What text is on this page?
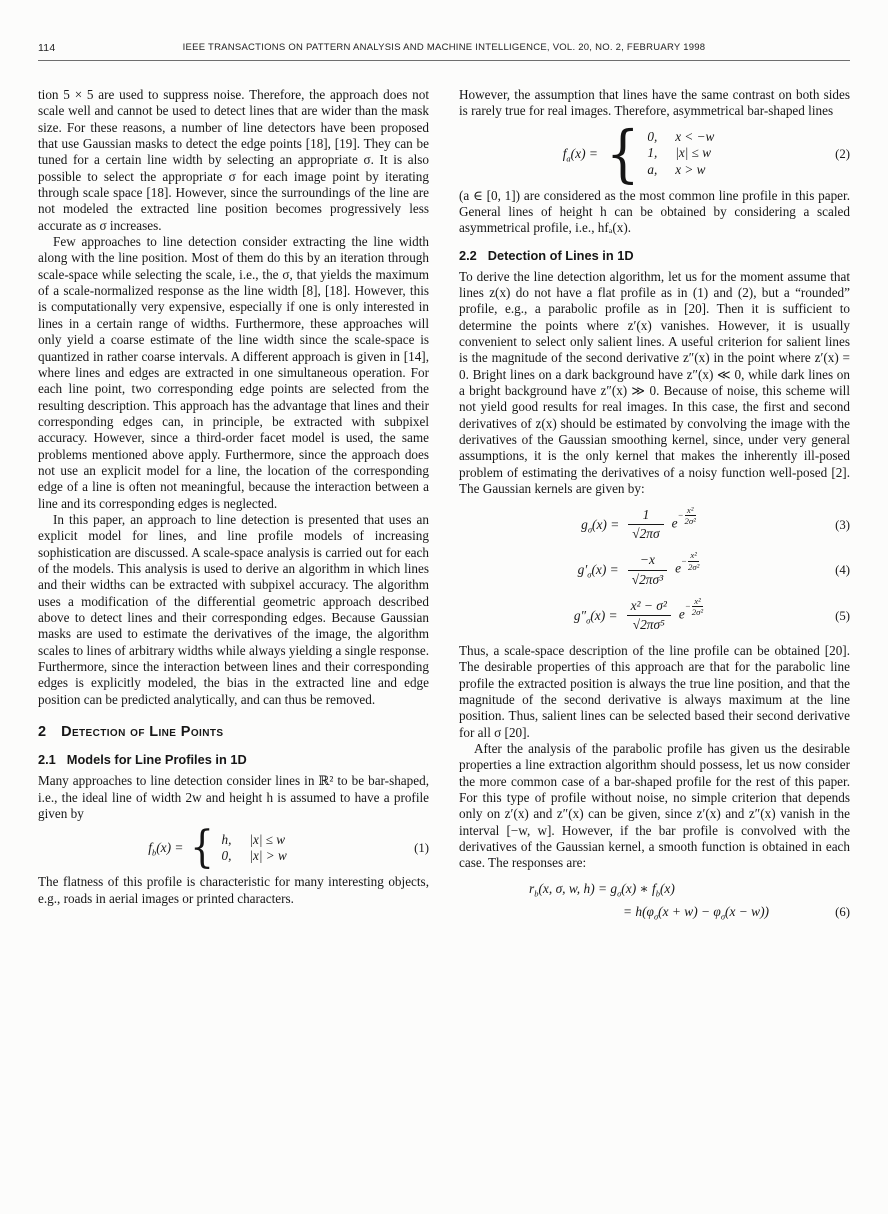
114	IEEE TRANSACTIONS ON PATTERN ANALYSIS AND MACHINE INTELLIGENCE, VOL. 20, NO. 2, FEBRUARY 1998

tion 5 × 5 are used to suppress noise. Therefore, the approach does not scale well and cannot be used to detect lines that are wider than the mask size. For these reasons, a number of line detectors have been proposed that use Gaussian masks to detect the edge points [18], [19]. They can be tuned for a certain line width by selecting an appropriate σ. It is also possible to select the appropriate σ for each image point by iterating through scale space [18]. However, since the surroundings of the line are not modeled the extracted line position becomes progressively less accurate as σ increases.

Few approaches to line detection consider extracting the line width along with the line position. Most of them do this by an iteration through scale-space while selecting the scale, i.e., the σ, that yields the maximum of a scale-normalized response as the line width [8], [18]. However, this is computationally very expensive, especially if one is only interested in lines in a certain range of widths. Furthermore, these approaches will only yield a coarse estimate of the line width since the scale-space is quantized in rather coarse intervals. A different approach is given in [14], where lines and edges are extracted in one simultaneous operation. For each line point, two corresponding edge points are selected from the resulting description. This approach has the advantage that lines and their corresponding edges can, in principle, be extracted with subpixel accuracy. However, since a third-order facet model is used, the same problems mentioned above apply. Furthermore, since the approach does not use an explicit model for a line, the location of the corresponding edge of a line is often not meaningful, because the interaction between a line and its corresponding edges is neglected.

In this paper, an approach to line detection is presented that uses an explicit model for lines, and line profile models of increasing sophistication are discussed. A scale-space analysis is carried out for each of the models. This analysis is used to derive an algorithm in which lines and their widths can be extracted with subpixel accuracy. The algorithm uses a modification of the differential geometric approach described above to detect lines and their corresponding edges. Because Gaussian masks are used to estimate the derivatives of the image, the algorithm scales to lines of arbitrary widths while always yielding a single response. Furthermore, since the interaction between lines and their corresponding edges is explicitly modeled, the bias in the extracted line and edge position can be predicted analytically, and can thus be removed.

2 Detection of Line Points
2.1 Models for Line Profiles in 1D

Many approaches to line detection consider lines in ℝ² to be bar-shaped, i.e., the ideal line of width 2w and height h is assumed to have a profile given by

$f_b(x)$ = { h, |x| ≤ w
0, |x| > w
(1)

The flatness of this profile is characteristic for many interesting objects, e.g., roads in aerial images or printed characters.

However, the assumption that lines have the same contrast on both sides is rarely true for real images. Therefore, asymmetrical bar-shaped lines

$f_a(x)$ = { 0, x < −w
1, |x| ≤ w
a, x > w
(2)

(a ∈ [0, 1]) are considered as the most common line profile in this paper. General lines of height h can be obtained by considering a scaled asymmetrical profile, i.e., hfₐ(x).

2.2 Detection of Lines in 1D

To derive the line detection algorithm, let us for the moment assume that lines z(x) do not have a flat profile as in (1) and (2), but a “rounded” profile, e.g., a parabolic profile as in [20]. Then it is sufficient to determine the points where z′(x) vanishes. However, it is usually convenient to select only salient lines. A useful criterion for salient lines is the magnitude of the second derivative z″(x) in the point where z′(x) = 0. Bright lines on a dark background have z″(x) ≪ 0, while dark lines on a bright background have z″(x) ≫ 0. Because of noise, this scheme will not yield good results for real images. In this case, the first and second derivatives of z(x) should be estimated by convolving the image with the derivatives of the Gaussian smoothing kernel, since, under very general assumptions, it is the only kernel that makes the inherently ill-posed problem of estimating the derivatives of a noisy function well-posed [2]. The Gaussian kernels are given by:

$g_\sigma(x) = \frac{1}{√2\pi\sigma}$ $e - \frac{\text{x²}}{\text{2σ²}}$	(3)
$g'_\sigma(x) = \frac{-x}{\text{√2πσ³}}$ $e - \frac{\text{x²}}{\text{2σ²}}$	(4)
$g''_\sigma(x) = \frac{\text{x² − σ²}}{\text{√2πσ⁵}}$ $e - \frac{\text{x²}}{\text{2σ²}}$	(5)

Thus, a scale-space description of the line profile can be obtained [20]. The desirable properties of this approach are that for the parabolic line profile the extracted position is always the true line position, and that the magnitude of the second derivative is always maximum at the line position. Thus, salient lines can be selected based their second derivative for all σ [20].

After the analysis of the parabolic profile has given us the desirable properties a line extraction algorithm should possess, let us now consider the more common case of a bar-shaped profile for the rest of this paper. For this type of profile without noise, no simple criterion that depends only on z′(x) and z″(x) can be given, since z′(x) and z″(x) vanish in the interval [−w, w]. However, if the bar profile is convolved with the derivatives of the Gaussian kernel, a smooth function is obtained in each case. The responses are:

$r_b(x$, σ, w, $h) = g_\sigma(x)$ ∗ $f_b(x)$
= $h(\varphi_\sigma(x + w) - \varphi_\sigma(x - w))$	(6)
